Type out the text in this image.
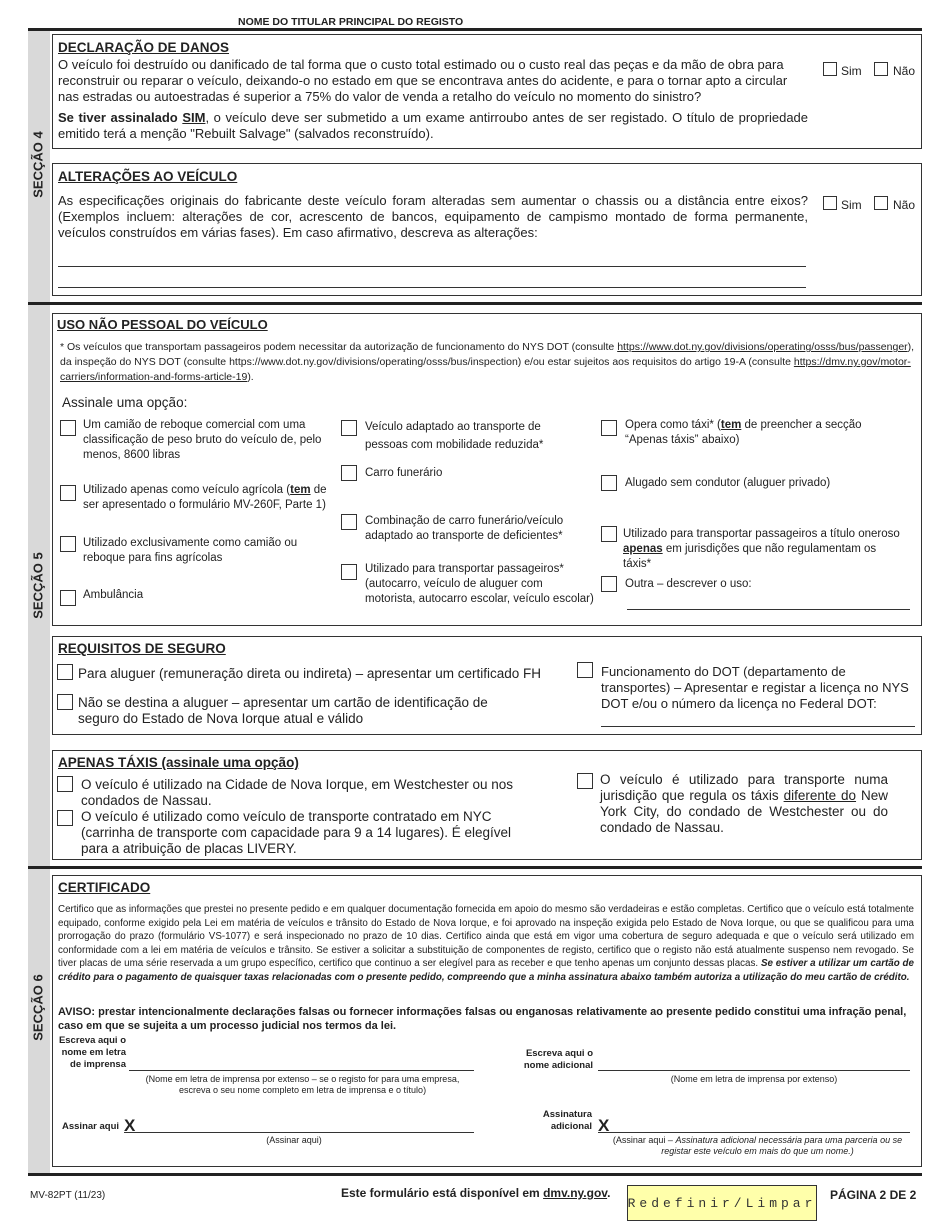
NOME DO TITULAR PRINCIPAL DO REGISTO
SECÇÃO 4
DECLARAÇÃO DE DANOS
O veículo foi destruído ou danificado de tal forma que o custo total estimado ou o custo real das peças e da mão de obra para reconstruir ou reparar o veículo, deixando-o no estado em que se encontrava antes do acidente, e para o tornar apto a circular nas estradas ou autoestradas é superior a 75% do valor de venda a retalho do veículo no momento do sinistro?
Se tiver assinalado SIM, o veículo deve ser submetido a um exame antirroubo antes de ser registado. O título de propriedade emitido terá a menção "Rebuilt Salvage" (salvados reconstruído).
Sim	Não
ALTERAÇÕES AO VEÍCULO
As especificações originais do fabricante deste veículo foram alteradas sem aumentar o chassis ou a distância entre eixos? (Exemplos incluem: alterações de cor, acrescento de bancos, equipamento de campismo montado de forma permanente, veículos construídos em várias fases). Em caso afirmativo, descreva as alterações:
Sim	Não
SECÇÃO 5
USO NÃO PESSOAL DO VEÍCULO
* Os veículos que transportam passageiros podem necessitar da autorização de funcionamento do NYS DOT (consulte https://www.dot.ny.gov/divisions/operating/osss/bus/passenger), da inspeção do NYS DOT (consulte https://www.dot.ny.gov/divisions/operating/osss/bus/inspection) e/ou estar sujeitos aos requisitos do artigo 19-A (consulte https://dmv.ny.gov/motor-carriers/information-and-forms-article-19).
Assinale uma opção:
Um camião de reboque comercial com uma classificação de peso bruto do veículo de, pelo menos, 8600 libras
Utilizado apenas como veículo agrícola (tem de ser apresentado o formulário MV-260F, Parte 1)
Utilizado exclusivamente como camião ou reboque para fins agrícolas
Ambulância
Veículo adaptado ao transporte de pessoas com mobilidade reduzida*
Carro funerário
Combinação de carro funerário/veículo adaptado ao transporte de deficientes*
Utilizado para transportar passageiros* (autocarro, veículo de aluguer com motorista, autocarro escolar, veículo escolar)
Opera como táxi* (tem de preencher a secção “Apenas táxis” abaixo)
Alugado sem condutor (aluguer privado)
Utilizado para transportar passageiros a título oneroso apenas em jurisdições que não regulamentam os táxis*
Outra – descrever o uso:
REQUISITOS DE SEGURO
Para aluguer (remuneração direta ou indireta) – apresentar um certificado FH
Não se destina a aluguer – apresentar um cartão de identificação de seguro do Estado de Nova Iorque atual e válido
Funcionamento do DOT (departamento de transportes) – Apresentar e registar a licença no NYS DOT e/ou o número da licença no Federal DOT:
APENAS TÁXIS (assinale uma opção)
O veículo é utilizado na Cidade de Nova Iorque, em Westchester ou nos condados de Nassau.
O veículo é utilizado como veículo de transporte contratado em NYC (carrinha de transporte com capacidade para 9 a 14 lugares). É elegível para a atribuição de placas LIVERY.
O veículo é utilizado para transporte numa jurisdição que regula os táxis diferente do New York City, do condado de Westchester ou do condado de Nassau.
SECÇÃO 6
CERTIFICADO
Certifico que as informações que prestei no presente pedido e em qualquer documentação fornecida em apoio do mesmo são verdadeiras e estão completas. Certifico que o veículo está totalmente equipado, conforme exigido pela Lei em matéria de veículos e trânsito do Estado de Nova Iorque, e foi aprovado na inspeção exigida pelo Estado de Nova Iorque, ou que se qualificou para uma prorrogação do prazo (formulário VS-1077) e será inspecionado no prazo de 10 dias. Certifico ainda que está em vigor uma cobertura de seguro adequada e que o veículo será utilizado em conformidade com a lei em matéria de veículos e trânsito. Se estiver a solicitar a substituição de componentes de registo, certifico que o registo não está atualmente suspenso nem revogado. Se tiver placas de uma série reservada a um grupo específico, certifico que continuo a ser elegível para as receber e que tenho apenas um conjunto dessas placas. Se estiver a utilizar um cartão de crédito para o pagamento de quaisquer taxas relacionadas com o presente pedido, compreendo que a minha assinatura abaixo também autoriza a utilização do meu cartão de crédito.
AVISO: prestar intencionalmente declarações falsas ou fornecer informações falsas ou enganosas relativamente ao presente pedido constitui uma infração penal, caso em que se sujeita a um processo judicial nos termos da lei.
Escreva aqui o nome em letra de imprensa
(Nome em letra de imprensa por extenso – se o registo for para uma empresa, escreva o seu nome completo em letra de imprensa e o título)
Escreva aqui o nome adicional
(Nome em letra de imprensa por extenso)
Assinar aqui X
(Assinar aqui)
Assinatura adicional X
(Assinar aqui – Assinatura adicional necessária para uma parceria ou se registar este veículo em mais do que um nome.)
MV-82PT (11/23)	Este formulário está disponível em dmv.ny.gov.
Redefinir/Limpar
PÁGINA 2 DE 2
